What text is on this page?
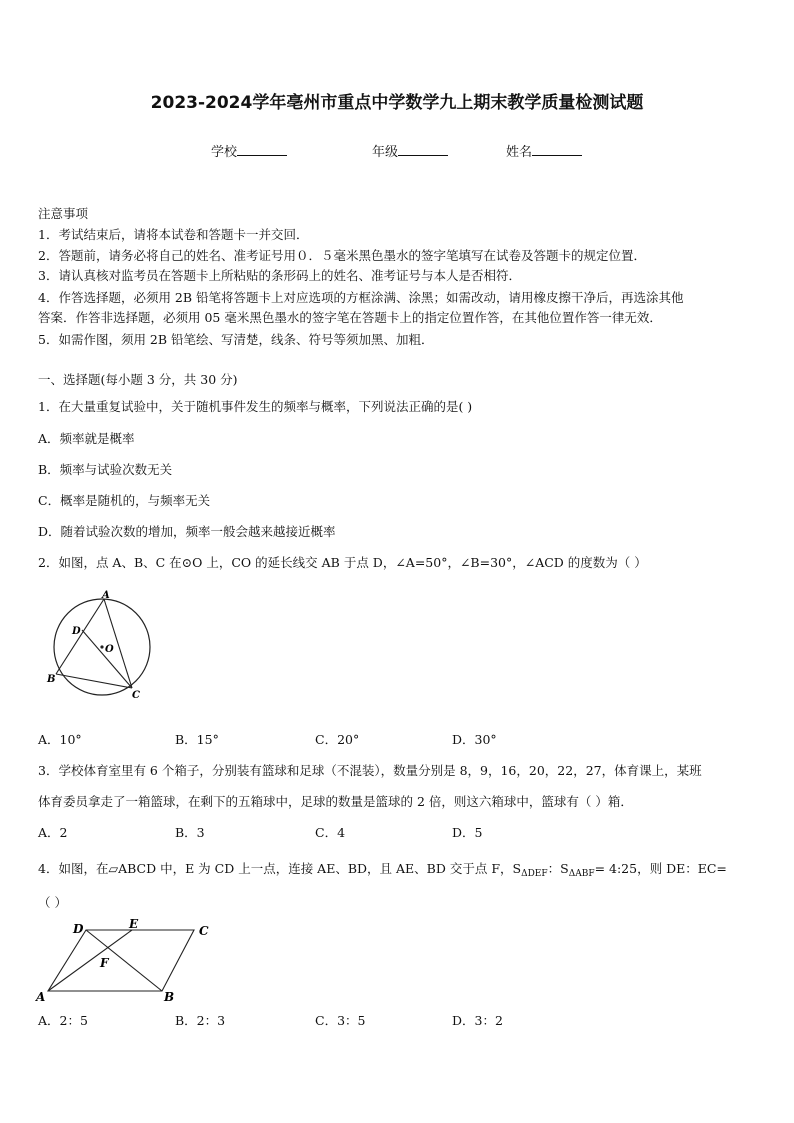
2023-2024学年亳州市重点中学数学九上期末教学质量检测试题
学校	年级	姓名
注意事项
1．考试结束后，请将本试卷和答题卡一并交回．
2．答题前，请务必将自己的姓名、准考证号用０．５毫米黑色墨水的签字笔填写在试卷及答题卡的规定位置．
3．请认真核对监考员在答题卡上所粘贴的条形码上的姓名、准考证号与本人是否相符．
4．作答选择题，必须用 2B 铅笔将答题卡上对应选项的方框涂满、涂黑；如需改动，请用橡皮擦干净后，再选涂其他
答案．作答非选择题，必须用 05 毫米黑色墨水的签字笔在答题卡上的指定位置作答，在其他位置作答一律无效．
5．如需作图，须用 2B 铅笔绘、写清楚，线条、符号等须加黑、加粗．
一、选择题(每小题 3 分，共 30 分)
1．在大量重复试验中，关于随机事件发生的频率与概率，下列说法正确的是( )
A．频率就是概率
B．频率与试验次数无关
C．概率是随机的，与频率无关
D．随着试验次数的增加，频率一般会越来越接近概率
2．如图，点 A、B、C 在⊙O 上，CO 的延长线交 AB 于点 D，∠A=50°，∠B=30°，∠ACD 的度数为（ ）
A
B
C
D
O
A．10°	B．15°	C．20°	D．30°
3．学校体育室里有 6 个箱子，分别装有篮球和足球（不混装），数量分别是 8，9，16，20，22，27，体育课上，某班
体育委员拿走了一箱篮球，在剩下的五箱球中，足球的数量是篮球的 2 倍，则这六箱球中，篮球有（ ）箱．
A．2	B．3	C．4	D．5
4．如图，在▱ABCD 中，E 为 CD 上一点，连接 AE、BD，且 AE、BD 交于点 F，$S_{\Delta DEF}$：$S_{\Delta ABF}=$ 4:25，则 DE：EC=
（ ）
D	E	C
F
A	B
A．2：5	B．2：3	C．3：5	D．3：2
